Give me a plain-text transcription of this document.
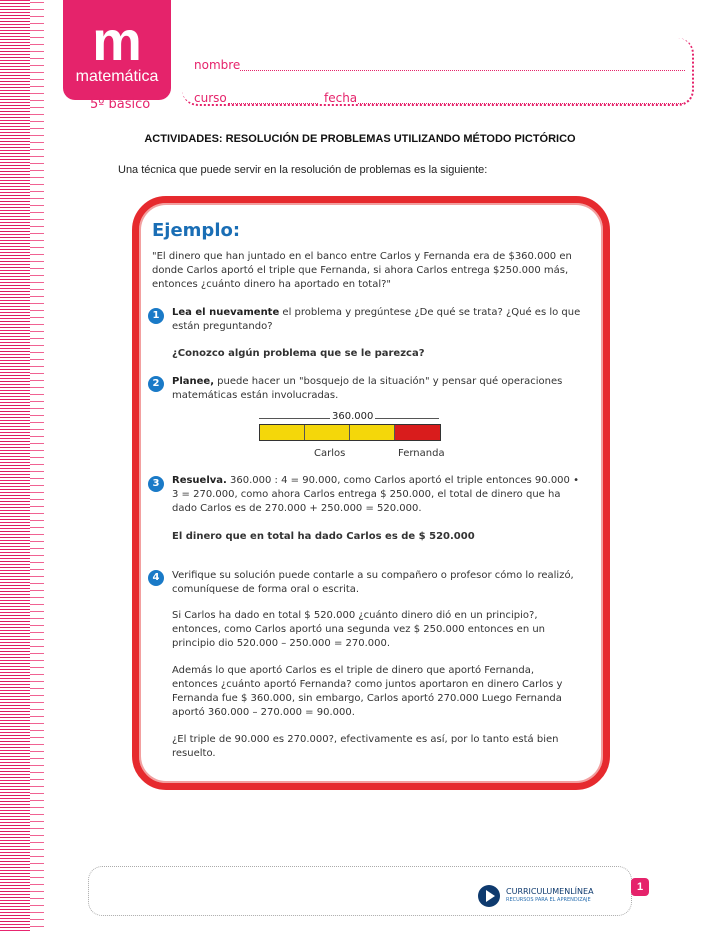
m
matemática
5º básico
nombre
curso	fecha
ACTIVIDADES: RESOLUCIÓN DE PROBLEMAS UTILIZANDO MÉTODO PICTÓRICO
Una técnica que puede servir en la resolución de problemas es la siguiente:
Ejemplo:
"El dinero que han juntado en el banco entre Carlos y Fernanda era de $360.000 en donde Carlos aportó el triple que Fernanda, si ahora Carlos entrega $250.000 más, entonces ¿cuánto dinero ha aportado en total?"
1	Lea el nuevamente el problema y pregúntese ¿De qué se trata? ¿Qué es lo que están preguntando?
¿Conozco algún problema que se le parezca?
2	Planee, puede hacer un "bosquejo de la situación" y pensar qué operaciones matemáticas están involucradas.
360.000
Carlos	Fernanda
3	Resuelva. 360.000 : 4 = 90.000, como Carlos aportó el triple entonces 90.000 • 3 = 270.000, como ahora Carlos entrega $ 250.000, el total de dinero que ha dado Carlos es de 270.000 + 250.000 = 520.000.
El dinero que en total ha dado Carlos es de $ 520.000
4	Verifique su solución puede contarle a su compañero o profesor cómo lo realizó, comuníquese de forma oral o escrita.
Si Carlos ha dado en total $ 520.000 ¿cuánto dinero dió en un principio?, entonces, como Carlos aportó una segunda vez $ 250.000 entonces en un principio dio 520.000 – 250.000 = 270.000.
Además lo que aportó Carlos es el triple de dinero que aportó Fernanda, entonces ¿cuánto aportó Fernanda? como juntos aportaron en dinero Carlos y Fernanda fue $ 360.000, sin embargo, Carlos aportó 270.000 Luego Fernanda aportó 360.000 – 270.000 = 90.000.
¿El triple de 90.000 es 270.000?, efectivamente es así, por lo tanto está bien resuelto.
CURRICULUMENLÍNEA
RECURSOS PARA EL APRENDIZAJE
1
